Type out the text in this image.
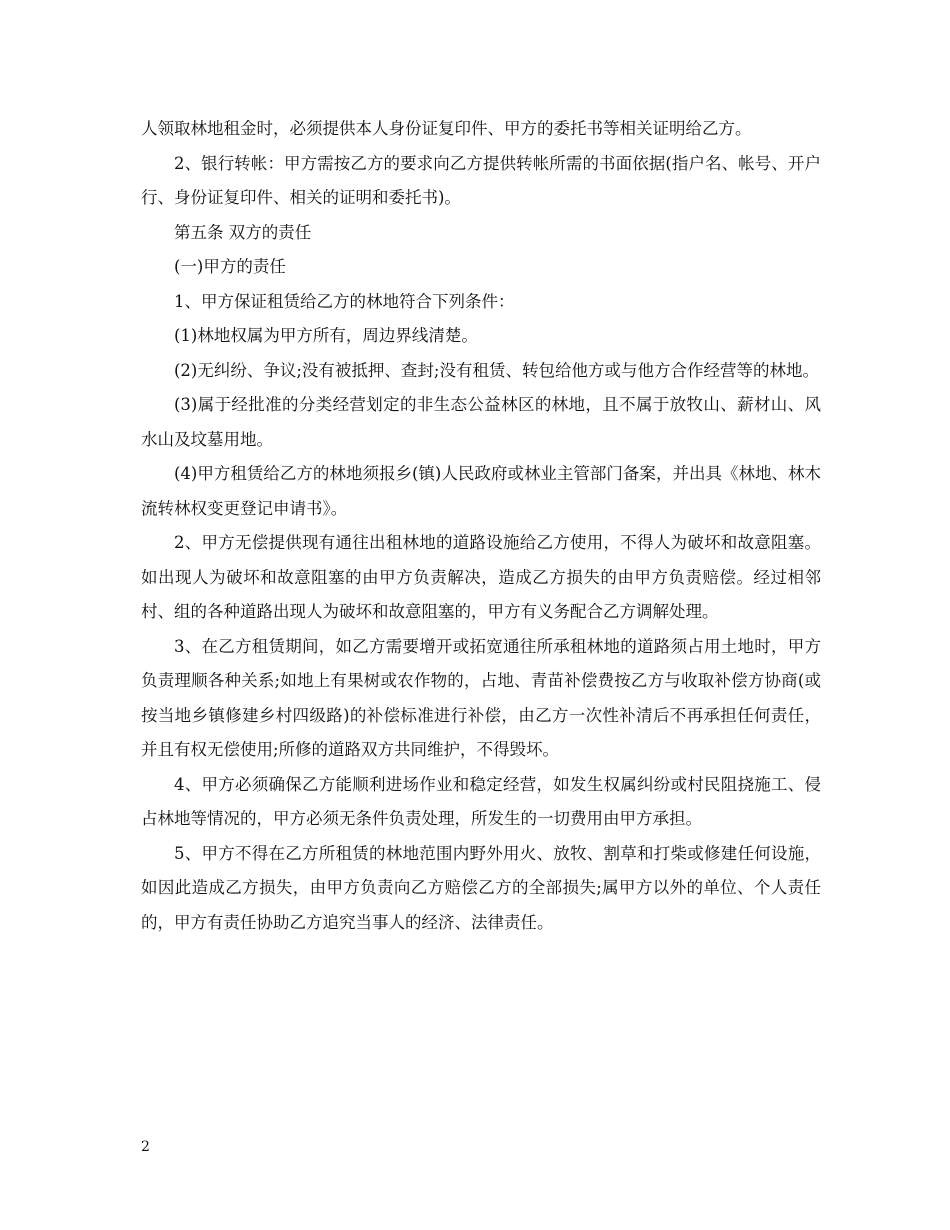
人领取林地租金时，必须提供本人身份证复印件、甲方的委托书等相关证明给乙方。

2、银行转帐：甲方需按乙方的要求向乙方提供转帐所需的书面依据(指户名、帐号、开户行、身份证复印件、相关的证明和委托书)。

第五条 双方的责任

(一)甲方的责任

1、甲方保证租赁给乙方的林地符合下列条件：

(1)林地权属为甲方所有，周边界线清楚。

(2)无纠纷、争议;没有被抵押、查封;没有租赁、转包给他方或与他方合作经营等的林地。

(3)属于经批准的分类经营划定的非生态公益林区的林地，且不属于放牧山、薪材山、风水山及坟墓用地。

(4)甲方租赁给乙方的林地须报乡(镇)人民政府或林业主管部门备案，并出具《林地、林木流转林权变更登记申请书》。

2、甲方无偿提供现有通往出租林地的道路设施给乙方使用，不得人为破坏和故意阻塞。如出现人为破坏和故意阻塞的由甲方负责解决，造成乙方损失的由甲方负责赔偿。经过相邻村、组的各种道路出现人为破坏和故意阻塞的，甲方有义务配合乙方调解处理。

3、在乙方租赁期间，如乙方需要增开或拓宽通往所承租林地的道路须占用土地时，甲方负责理顺各种关系;如地上有果树或农作物的，占地、青苗补偿费按乙方与收取补偿方协商(或按当地乡镇修建乡村四级路)的补偿标准进行补偿，由乙方一次性补清后不再承担任何责任，并且有权无偿使用;所修的道路双方共同维护，不得毁坏。

4、甲方必须确保乙方能顺利进场作业和稳定经营，如发生权属纠纷或村民阻挠施工、侵占林地等情况的，甲方必须无条件负责处理，所发生的一切费用由甲方承担。

5、甲方不得在乙方所租赁的林地范围内野外用火、放牧、割草和打柴或修建任何设施，如因此造成乙方损失，由甲方负责向乙方赔偿乙方的全部损失;属甲方以外的单位、个人责任的，甲方有责任协助乙方追究当事人的经济、法律责任。

2
